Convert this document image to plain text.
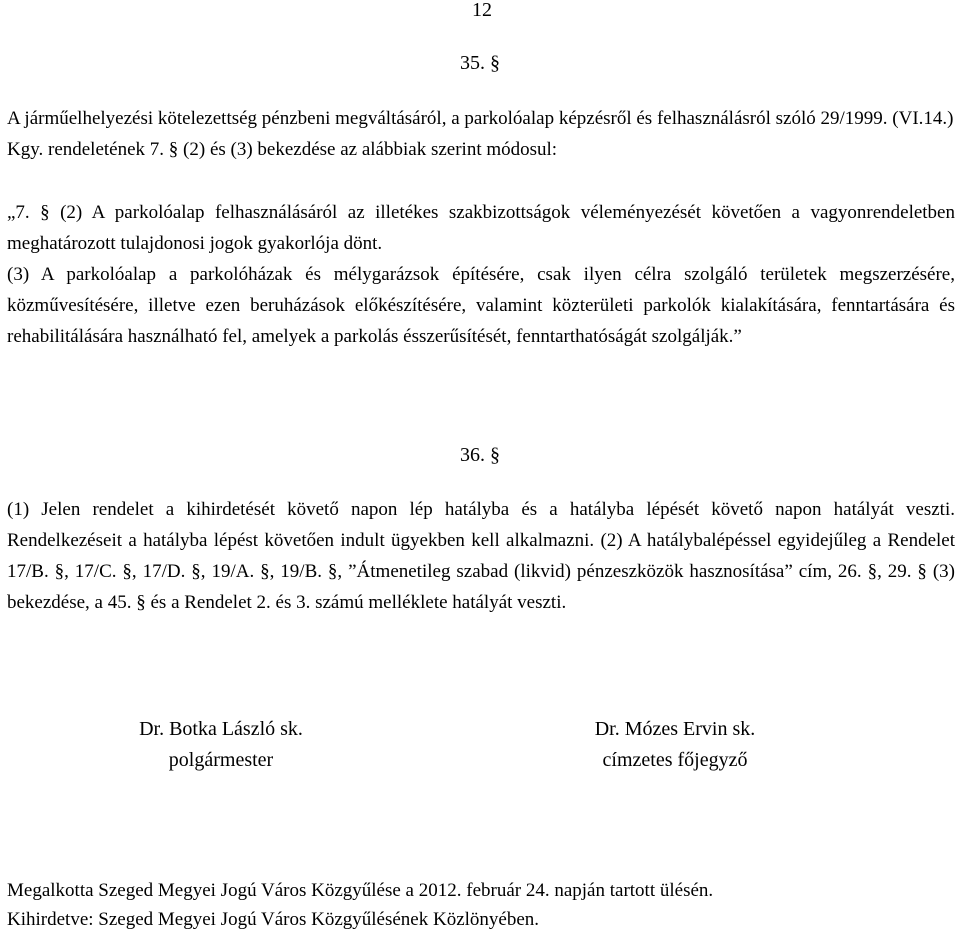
12
35. §
A járműelhelyezési kötelezettség pénzbeni megváltásáról, a parkolóalap képzésről és felhasználásról szóló 29/1999. (VI.14.) Kgy. rendeletének 7. § (2) és (3) bekezdése az alábbiak szerint módosul:
„7. § (2) A parkolóalap felhasználásáról az illetékes szakbizottságok véleményezését követően a vagyonrendeletben meghatározott tulajdonosi jogok gyakorlója dönt.
(3) A parkolóalap a parkolóházak és mélygarázsok építésére, csak ilyen célra szolgáló területek megszerzésére, közművesítésére, illetve ezen beruházások előkészítésére, valamint közterületi parkolók kialakítására, fenntartására és rehabilitálására használható fel, amelyek a parkolás ésszerűsítését, fenntarthatóságát szolgálják.”
36. §
(1) Jelen rendelet a kihirdetését követő napon lép hatályba és a hatályba lépését követő napon hatályát veszti. Rendelkezéseit a hatályba lépést követően indult ügyekben kell alkalmazni. (2) A hatálybalépéssel egyidejűleg a Rendelet 17/B. §, 17/C. §, 17/D. §, 19/A. §, 19/B. §, ”Átmenetileg szabad (likvid) pénzeszközök hasznosítása” cím, 26. §, 29. § (3) bekezdése, a 45. § és a Rendelet 2. és 3. számú melléklete hatályát veszti.
Dr. Botka László sk.
polgármester
Dr. Mózes Ervin sk.
címzetes főjegyző
Megalkotta Szeged Megyei Jogú Város Közgyűlése a 2012. február 24. napján tartott ülésén.
Kihirdetve: Szeged Megyei Jogú Város Közgyűlésének Közlönyében.
